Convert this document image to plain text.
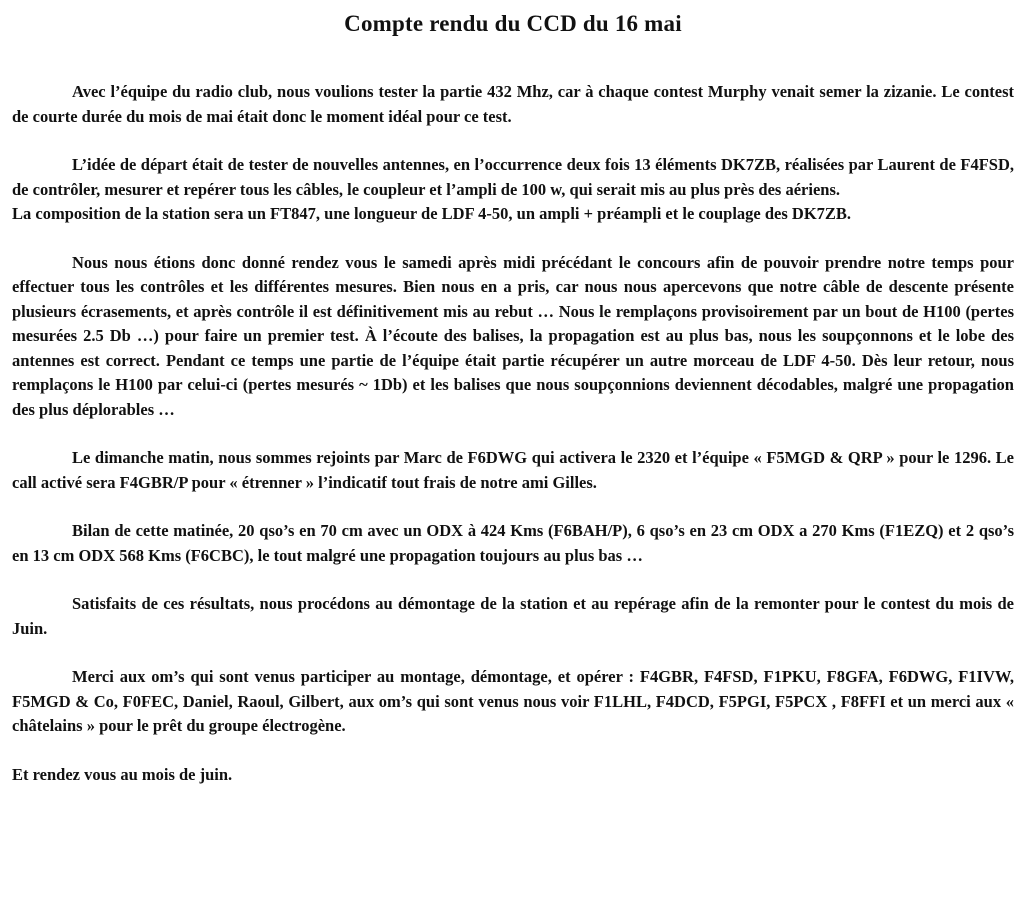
Compte rendu du CCD du 16 mai
Avec l’équipe du radio club, nous voulions tester la partie 432 Mhz, car à chaque contest Murphy venait semer la zizanie. Le contest de courte durée du mois de mai était donc le moment idéal pour ce test.
L’idée de départ était de tester de nouvelles antennes, en l’occurrence deux fois 13 éléments DK7ZB, réalisées par Laurent de F4FSD, de contrôler, mesurer et repérer tous les câbles, le coupleur et l’ampli de 100 w, qui serait mis au plus près des aériens.
La composition de la station sera un FT847, une longueur de LDF 4-50, un ampli + préampli et le couplage des DK7ZB.
Nous nous étions donc donné rendez vous le samedi après midi précédant le concours afin de pouvoir prendre notre temps pour effectuer tous les contrôles et les différentes mesures. Bien nous en a pris, car nous nous apercevons que notre câble de descente présente plusieurs écrasements, et après contrôle il est définitivement mis au rebut … Nous le remplaçons provisoirement par un bout de H100 (pertes mesurées 2.5 Db …) pour faire un premier test. À l’écoute des balises, la propagation est au plus bas, nous les soupçonnons et le lobe des antennes est correct. Pendant ce temps une partie de l’équipe était partie récupérer un autre morceau de LDF 4-50. Dès leur retour, nous remplaçons le H100 par celui-ci (pertes mesurés ~ 1Db) et les balises que nous soupçonnions deviennent décodables, malgré une propagation des plus déplorables …
Le dimanche matin, nous sommes rejoints par Marc de F6DWG qui activera le 2320 et l’équipe « F5MGD & QRP » pour le 1296. Le call activé sera F4GBR/P pour « étrenner » l’indicatif tout frais de notre ami Gilles.
Bilan de cette matinée, 20 qso’s en 70 cm avec un ODX à 424 Kms (F6BAH/P), 6 qso’s en 23 cm ODX a 270 Kms (F1EZQ) et 2 qso’s en 13 cm ODX 568 Kms (F6CBC), le tout malgré une propagation toujours au plus bas …
Satisfaits de ces résultats, nous procédons au démontage de la station et au repérage afin de la remonter pour le contest du mois de Juin.
Merci aux om’s qui sont venus participer au montage, démontage, et opérer : F4GBR, F4FSD, F1PKU, F8GFA, F6DWG, F1IVW, F5MGD & Co, F0FEC, Daniel, Raoul, Gilbert, aux om’s qui sont venus nous voir F1LHL, F4DCD, F5PGI, F5PCX , F8FFI et un merci aux « châtelains » pour le prêt du groupe électrogène.
Et rendez vous au mois de juin.
